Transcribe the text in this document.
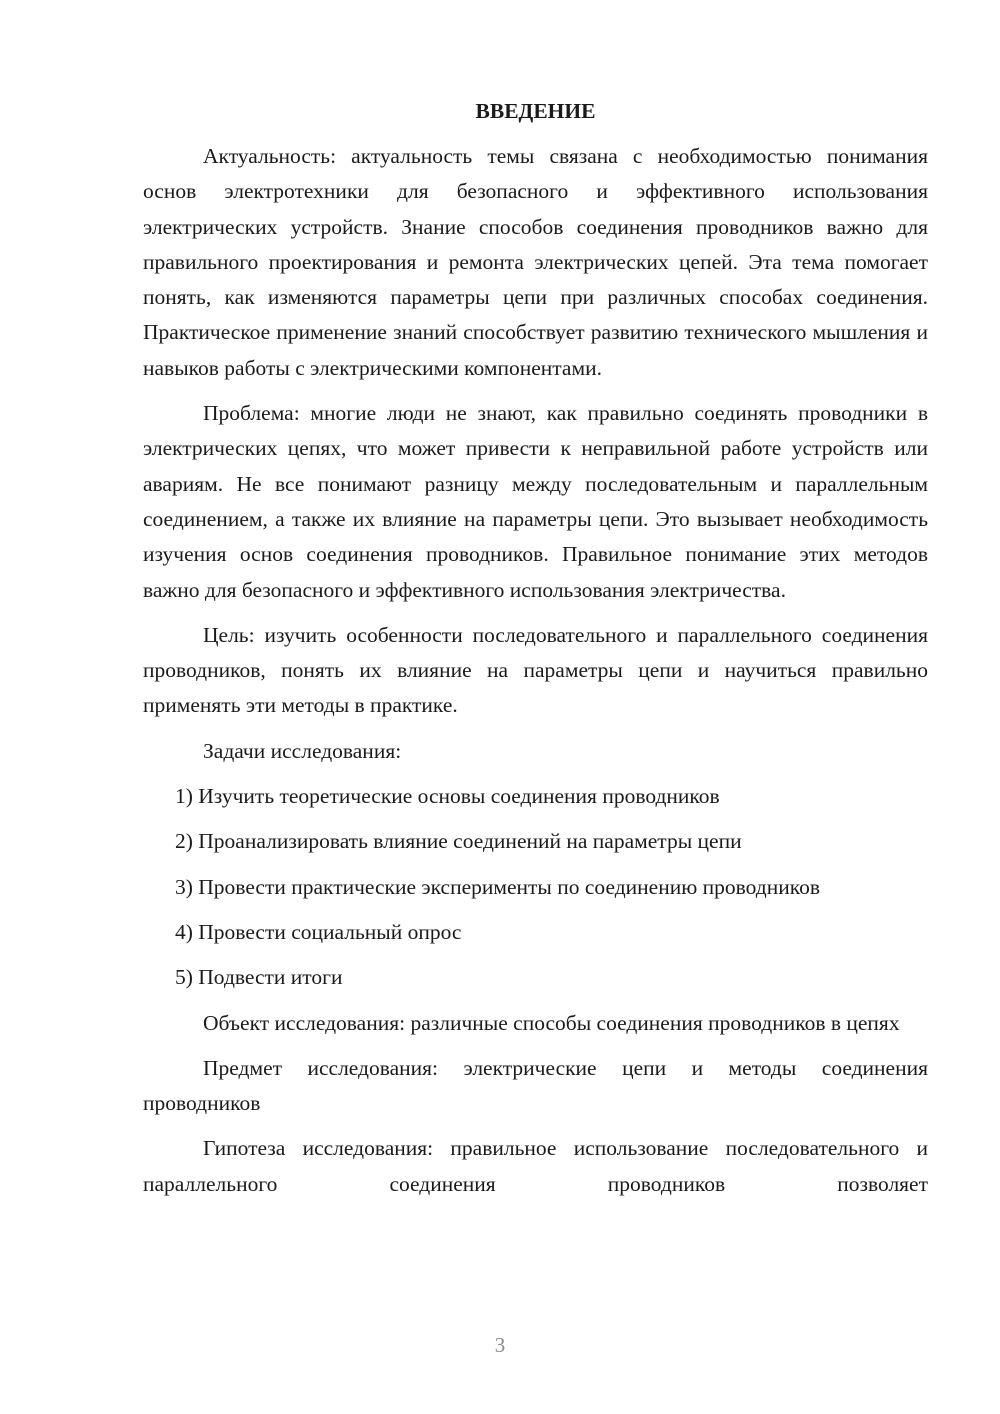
ВВЕДЕНИЕ

Актуальность: актуальность темы связана с необходимостью понимания основ электротехники для безопасного и эффективного использования электрических устройств. Знание способов соединения проводников важно для правильного проектирования и ремонта электрических цепей. Эта тема помогает понять, как изменяются параметры цепи при различных способах соединения. Практическое применение знаний способствует развитию технического мышления и навыков работы с электрическими компонентами.

Проблема: многие люди не знают, как правильно соединять проводники в электрических цепях, что может привести к неправильной работе устройств или авариям. Не все понимают разницу между последовательным и параллельным соединением, а также их влияние на параметры цепи. Это вызывает необходимость изучения основ соединения проводников. Правильное понимание этих методов важно для безопасного и эффективного использования электричества.

Цель: изучить особенности последовательного и параллельного соединения проводников, понять их влияние на параметры цепи и научиться правильно применять эти методы в практике.

Задачи исследования:

1) Изучить теоретические основы соединения проводников
2) Проанализировать влияние соединений на параметры цепи
3) Провести практические эксперименты по соединению проводников
4) Провести социальный опрос
5) Подвести итоги

Объект исследования: различные способы соединения проводников в цепях

Предмет исследования: электрические цепи и методы соединения проводников

Гипотеза исследования: правильное использование последовательного и параллельного соединения проводников позволяет

3
